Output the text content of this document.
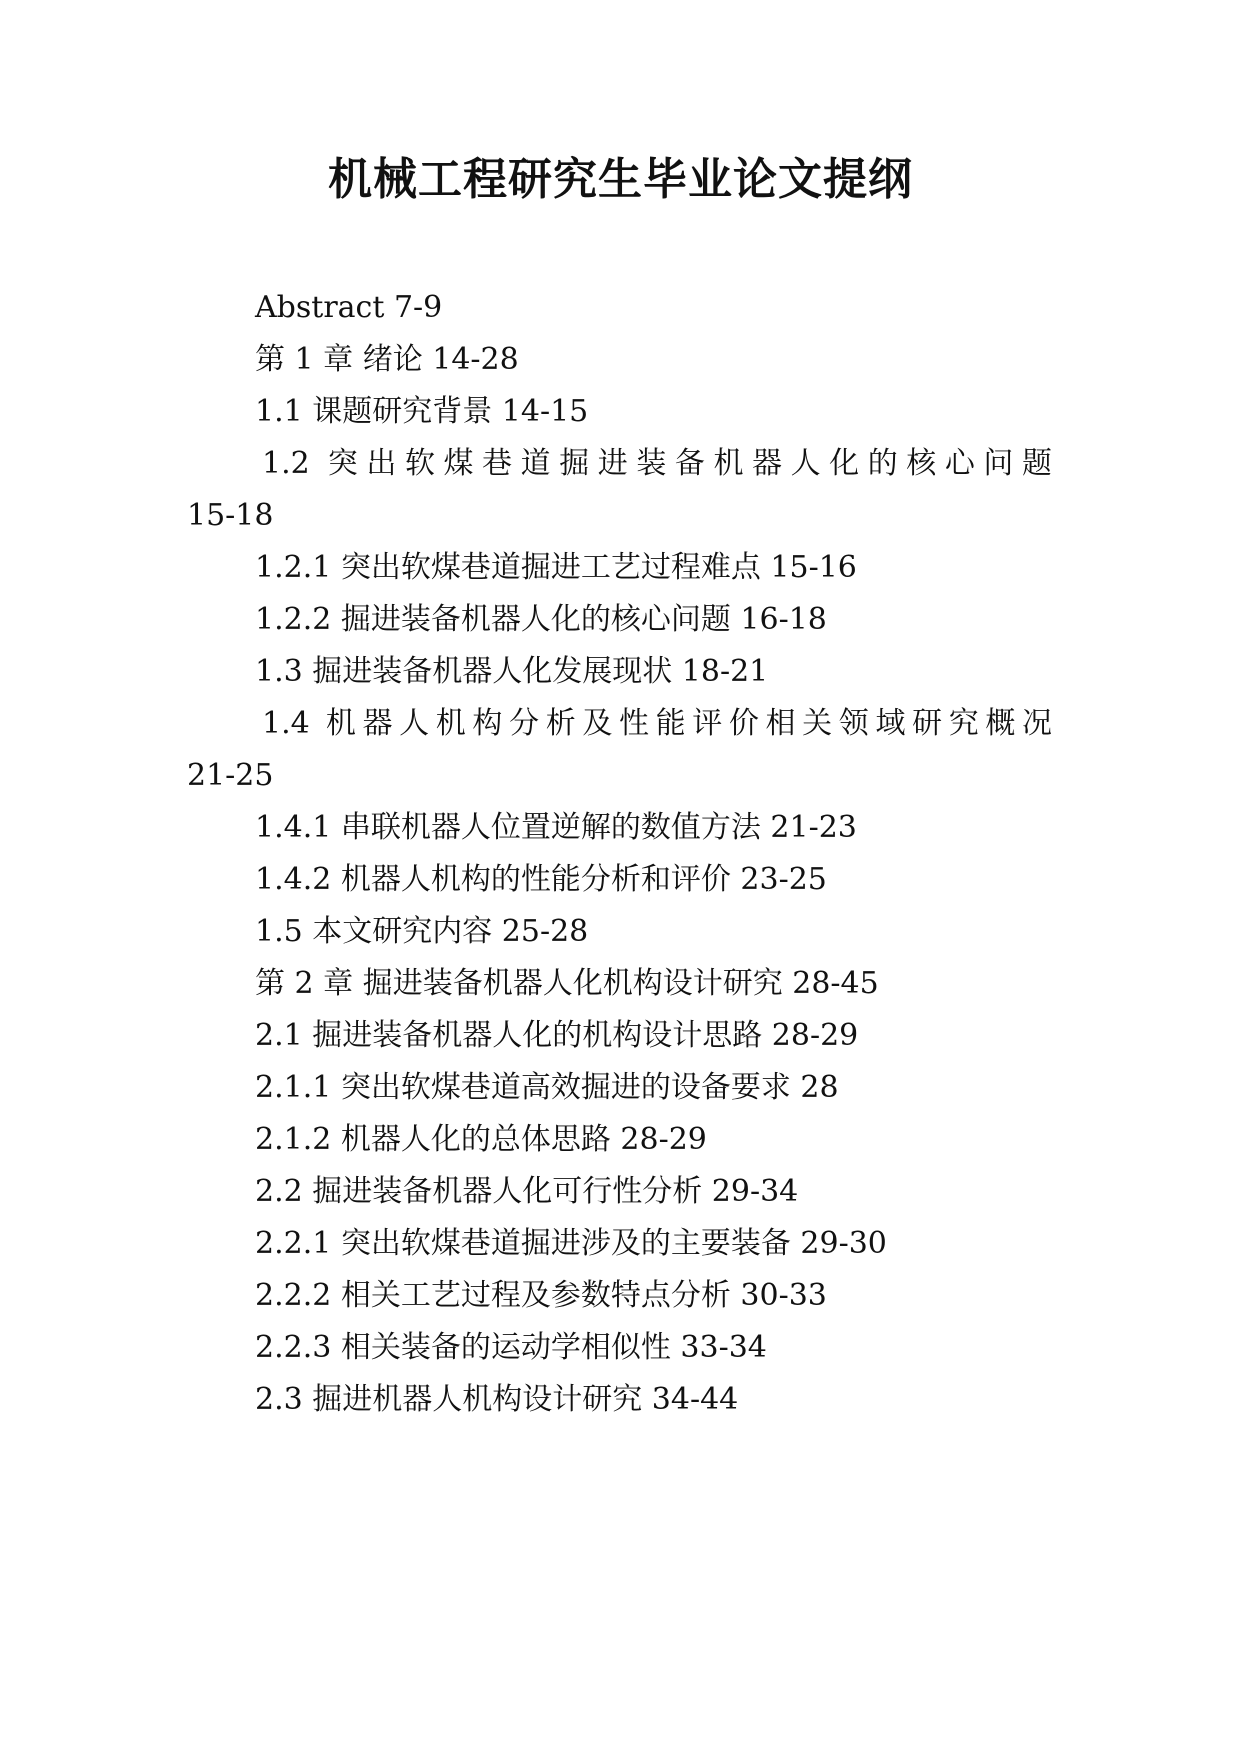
机械工程研究生毕业论文提纲
Abstract 7-9
第 1 章 绪论 14-28
1.1 课题研究背景 14-15
1.2 突出软煤巷道掘进装备机器人化的核心问题
15-18
1.2.1 突出软煤巷道掘进工艺过程难点 15-16
1.2.2 掘进装备机器人化的核心问题 16-18
1.3 掘进装备机器人化发展现状 18-21
1.4 机器人机构分析及性能评价相关领域研究概况
21-25
1.4.1 串联机器人位置逆解的数值方法 21-23
1.4.2 机器人机构的性能分析和评价 23-25
1.5 本文研究内容 25-28
第 2 章 掘进装备机器人化机构设计研究 28-45
2.1 掘进装备机器人化的机构设计思路 28-29
2.1.1 突出软煤巷道高效掘进的设备要求 28
2.1.2 机器人化的总体思路 28-29
2.2 掘进装备机器人化可行性分析 29-34
2.2.1 突出软煤巷道掘进涉及的主要装备 29-30
2.2.2 相关工艺过程及参数特点分析 30-33
2.2.3 相关装备的运动学相似性 33-34
2.3 掘进机器人机构设计研究 34-44
